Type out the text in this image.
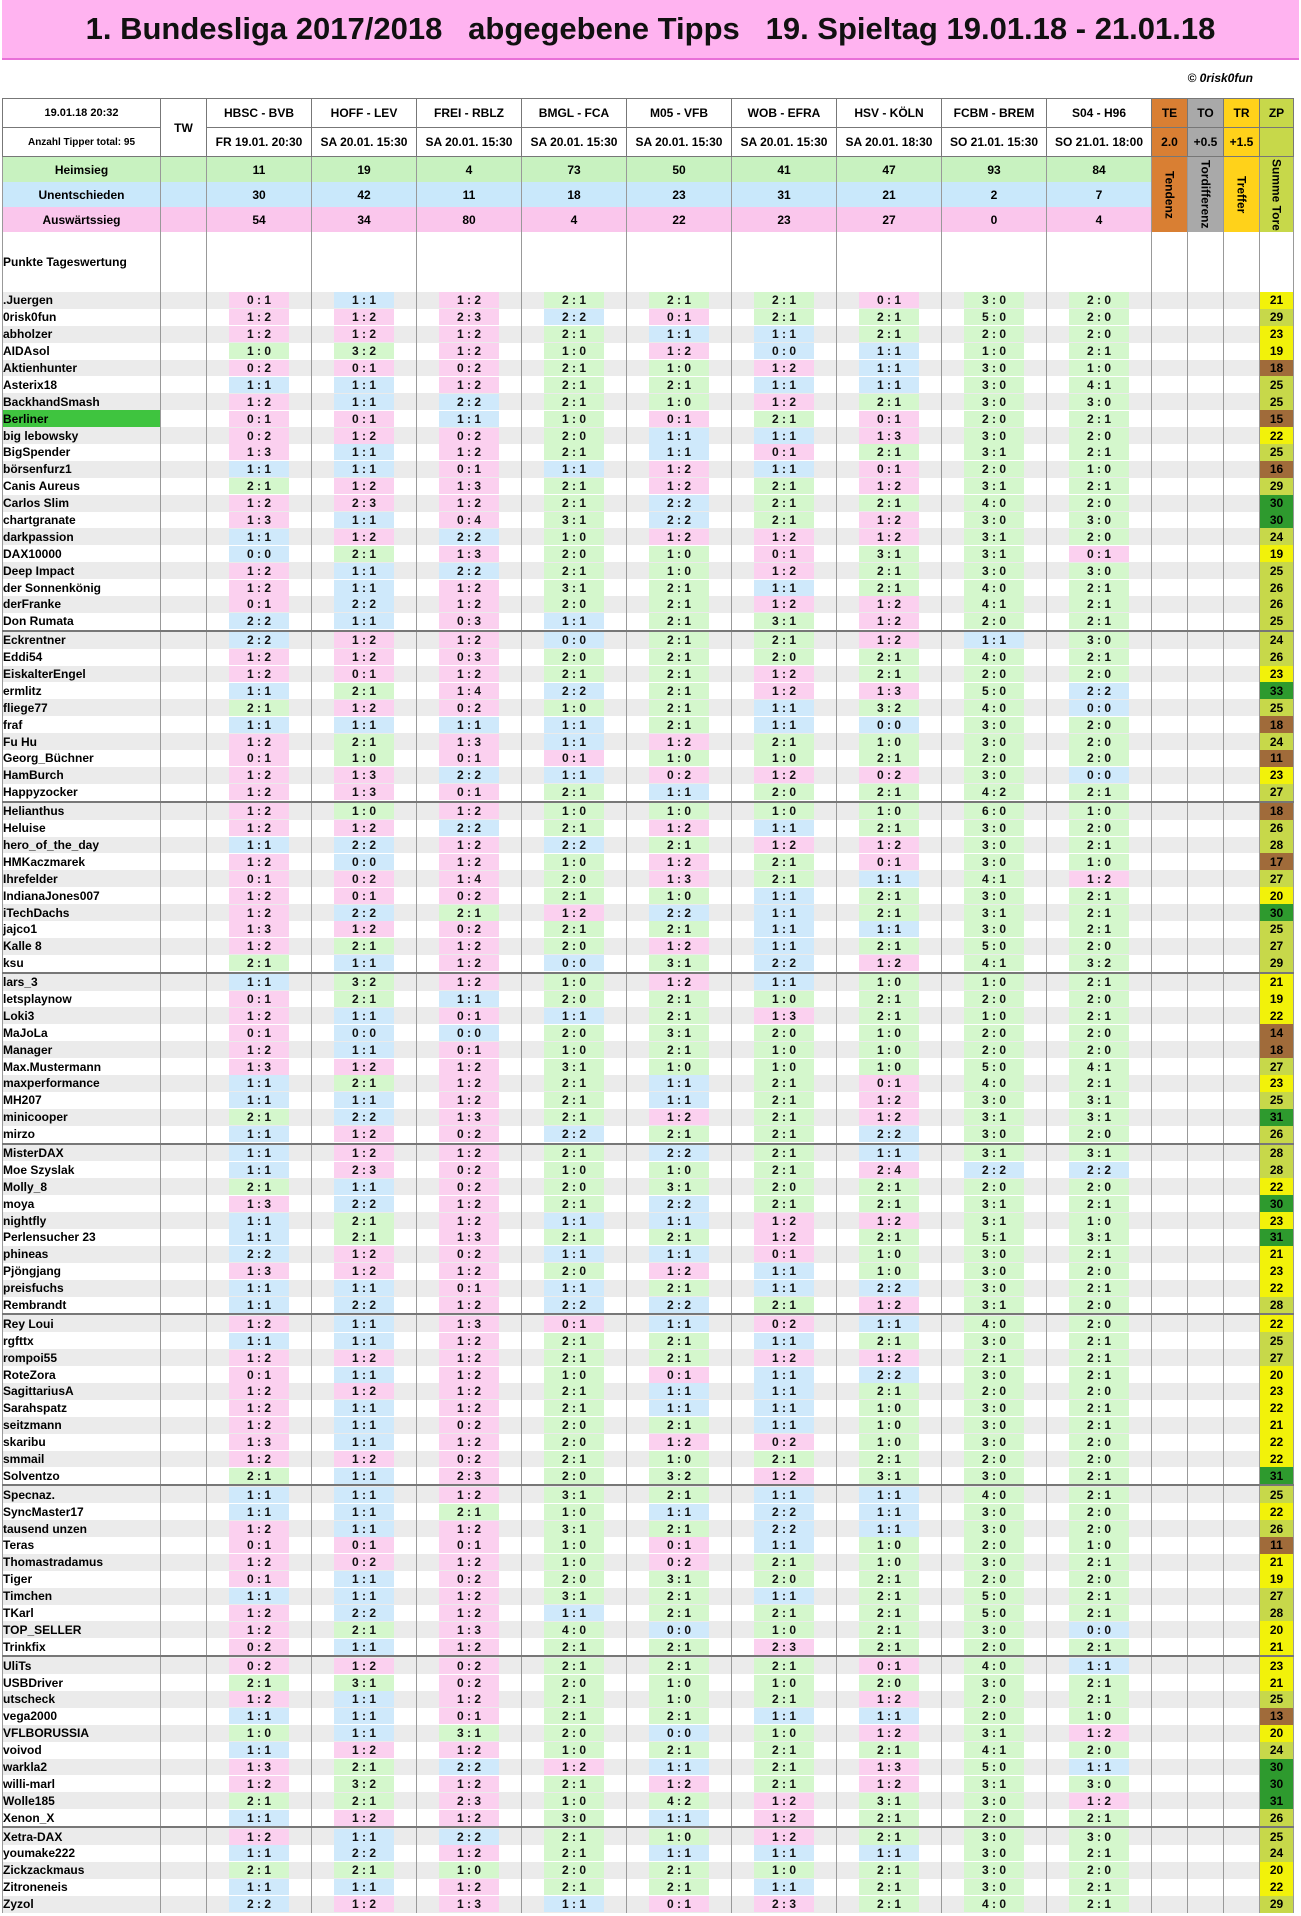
1. Bundesliga 2017/2018   abgegebene Tipps   19. Spieltag 19.01.18 - 21.01.18
© 0risk0fun
19.01.18 20:32	TW	HBSC - BVB	HOFF - LEV	FREI - RBLZ	BMGL - FCA	M05 - VFB	WOB - EFRA	HSV - KÖLN	FCBM - BREM	S04 - H96	TE	TO	TR	ZP
Anzahl Tipper total: 95		FR 19.01. 20:30	SA 20.01. 15:30	SA 20.01. 15:30	SA 20.01. 15:30	SA 20.01. 15:30	SA 20.01. 15:30	SA 20.01. 18:30	SO 21.01. 15:30	SO 21.01. 18:00	2.0	+0.5	+1.5	
Heimsieg		11	19	4	73	50	41	47	93	84	Tendenz	Tordifferenz	Treffer	Summe Tore

Unentschieden		30	42	11	18	23	31	21	2	7				
Auswärtssieg		54	34	80	4	22	23	27	0	4				
Punkte Tageswertung														
.Juergen		0 : 1	1 : 1	1 : 2	2 : 1	2 : 1	2 : 1	0 : 1	3 : 0	2 : 0				21
0risk0fun		1 : 2	1 : 2	2 : 3	2 : 2	0 : 1	2 : 1	2 : 1	5 : 0	2 : 0				29
abholzer		1 : 2	1 : 2	1 : 2	2 : 1	1 : 1	1 : 1	2 : 1	2 : 0	2 : 0				23
AIDAsol		1 : 0	3 : 2	1 : 2	1 : 0	1 : 2	0 : 0	1 : 1	1 : 0	2 : 1				19
Aktienhunter		0 : 2	0 : 1	0 : 2	2 : 1	1 : 0	1 : 2	1 : 1	3 : 0	1 : 0				18
Asterix18		1 : 1	1 : 1	1 : 2	2 : 1	2 : 1	1 : 1	1 : 1	3 : 0	4 : 1				25
BackhandSmash		1 : 2	1 : 1	2 : 2	2 : 1	1 : 0	1 : 2	2 : 1	3 : 0	3 : 0				25
Berliner		0 : 1	0 : 1	1 : 1	1 : 0	0 : 1	2 : 1	0 : 1	2 : 0	2 : 1				15
big lebowsky		0 : 2	1 : 2	0 : 2	2 : 0	1 : 1	1 : 1	1 : 3	3 : 0	2 : 0				22
BigSpender		1 : 3	1 : 1	1 : 2	2 : 1	1 : 1	0 : 1	2 : 1	3 : 1	2 : 1				25
börsenfurz1		1 : 1	1 : 1	0 : 1	1 : 1	1 : 2	1 : 1	0 : 1	2 : 0	1 : 0				16
Canis Aureus		2 : 1	1 : 2	1 : 3	2 : 1	1 : 2	2 : 1	1 : 2	3 : 1	2 : 1				29
Carlos Slim		1 : 2	2 : 3	1 : 2	2 : 1	2 : 2	2 : 1	2 : 1	4 : 0	2 : 0				30
chartgranate		1 : 3	1 : 1	0 : 4	3 : 1	2 : 2	2 : 1	1 : 2	3 : 0	3 : 0				30
darkpassion		1 : 1	1 : 2	2 : 2	1 : 0	1 : 2	1 : 2	1 : 2	3 : 1	2 : 0				24
DAX10000		0 : 0	2 : 1	1 : 3	2 : 0	1 : 0	0 : 1	3 : 1	3 : 1	0 : 1				19
Deep Impact		1 : 2	1 : 1	2 : 2	2 : 1	1 : 0	1 : 2	2 : 1	3 : 0	3 : 0				25
der Sonnenkönig		1 : 2	1 : 1	1 : 2	3 : 1	2 : 1	1 : 1	2 : 1	4 : 0	2 : 1				26
derFranke		0 : 1	2 : 2	1 : 2	2 : 0	2 : 1	1 : 2	1 : 2	4 : 1	2 : 1				26
Don Rumata		2 : 2	1 : 1	0 : 3	1 : 1	2 : 1	3 : 1	1 : 2	2 : 0	2 : 1				25
Eckrentner		2 : 2	1 : 2	1 : 2	0 : 0	2 : 1	2 : 1	1 : 2	1 : 1	3 : 0				24
Eddi54		1 : 2	1 : 2	0 : 3	2 : 0	2 : 1	2 : 0	2 : 1	4 : 0	2 : 1				26
EiskalterEngel		1 : 2	0 : 1	1 : 2	2 : 1	2 : 1	1 : 2	2 : 1	2 : 0	2 : 0				23
ermlitz		1 : 1	2 : 1	1 : 4	2 : 2	2 : 1	1 : 2	1 : 3	5 : 0	2 : 2				33
fliege77		2 : 1	1 : 2	0 : 2	1 : 0	2 : 1	1 : 1	3 : 2	4 : 0	0 : 0				25
fraf		1 : 1	1 : 1	1 : 1	1 : 1	2 : 1	1 : 1	0 : 0	3 : 0	2 : 0				18
Fu Hu		1 : 2	2 : 1	1 : 3	1 : 1	1 : 2	2 : 1	1 : 0	3 : 0	2 : 0				24
Georg_Büchner		0 : 1	1 : 0	0 : 1	0 : 1	1 : 0	1 : 0	2 : 1	2 : 0	2 : 0				11
HamBurch		1 : 2	1 : 3	2 : 2	1 : 1	0 : 2	1 : 2	0 : 2	3 : 0	0 : 0				23
Happyzocker		1 : 2	1 : 3	0 : 1	2 : 1	1 : 1	2 : 0	2 : 1	4 : 2	2 : 1				27
Helianthus		1 : 2	1 : 0	1 : 2	1 : 0	1 : 0	1 : 0	1 : 0	6 : 0	1 : 0				18
Heluise		1 : 2	1 : 2	2 : 2	2 : 1	1 : 2	1 : 1	2 : 1	3 : 0	2 : 0				26
hero_of_the_day		1 : 1	2 : 2	1 : 2	2 : 2	2 : 1	1 : 2	1 : 2	3 : 0	2 : 1				28
HMKaczmarek		1 : 2	0 : 0	1 : 2	1 : 0	1 : 2	2 : 1	0 : 1	3 : 0	1 : 0				17
Ihrefelder		0 : 1	0 : 2	1 : 4	2 : 0	1 : 3	2 : 1	1 : 1	4 : 1	1 : 2				27
IndianaJones007		1 : 2	0 : 1	0 : 2	2 : 1	1 : 0	1 : 1	2 : 1	3 : 0	2 : 1				20
iTechDachs		1 : 2	2 : 2	2 : 1	1 : 2	2 : 2	1 : 1	2 : 1	3 : 1	2 : 1				30
jajco1		1 : 3	1 : 2	0 : 2	2 : 1	2 : 1	1 : 1	1 : 1	3 : 0	2 : 1				25
Kalle 8		1 : 2	2 : 1	1 : 2	2 : 0	1 : 2	1 : 1	2 : 1	5 : 0	2 : 0				27
ksu		2 : 1	1 : 1	1 : 2	0 : 0	3 : 1	2 : 2	1 : 2	4 : 1	3 : 2				29
lars_3		1 : 1	3 : 2	1 : 2	1 : 0	1 : 2	1 : 1	1 : 0	1 : 0	2 : 1				21
letsplaynow		0 : 1	2 : 1	1 : 1	2 : 0	2 : 1	1 : 0	2 : 1	2 : 0	2 : 0				19
Loki3		1 : 2	1 : 1	0 : 1	1 : 1	2 : 1	1 : 3	2 : 1	1 : 0	2 : 1				22
MaJoLa		0 : 1	0 : 0	0 : 0	2 : 0	3 : 1	2 : 0	1 : 0	2 : 0	2 : 0				14
Manager		1 : 2	1 : 1	0 : 1	1 : 0	2 : 1	1 : 0	1 : 0	2 : 0	2 : 0				18
Max.Mustermann		1 : 3	1 : 2	1 : 2	3 : 1	1 : 0	1 : 0	1 : 0	5 : 0	4 : 1				27
maxperformance		1 : 1	2 : 1	1 : 2	2 : 1	1 : 1	2 : 1	0 : 1	4 : 0	2 : 1				23
MH207		1 : 1	1 : 1	1 : 2	2 : 1	1 : 1	2 : 1	1 : 2	3 : 0	3 : 1				25
minicooper		2 : 1	2 : 2	1 : 3	2 : 1	1 : 2	2 : 1	1 : 2	3 : 1	3 : 1				31
mirzo		1 : 1	1 : 2	0 : 2	2 : 2	2 : 1	2 : 1	2 : 2	3 : 0	2 : 0				26
MisterDAX		1 : 1	1 : 2	1 : 2	2 : 1	2 : 2	2 : 1	1 : 1	3 : 1	3 : 1				28
Moe Szyslak		1 : 1	2 : 3	0 : 2	1 : 0	1 : 0	2 : 1	2 : 4	2 : 2	2 : 2				28
Molly_8		2 : 1	1 : 1	0 : 2	2 : 0	3 : 1	2 : 0	2 : 1	2 : 0	2 : 0				22
moya		1 : 3	2 : 2	1 : 2	2 : 1	2 : 2	2 : 1	2 : 1	3 : 1	2 : 1				30
nightfly		1 : 1	2 : 1	1 : 2	1 : 1	1 : 1	1 : 2	1 : 2	3 : 1	1 : 0				23
Perlensucher 23		1 : 1	2 : 1	1 : 3	2 : 1	2 : 1	1 : 2	2 : 1	5 : 1	3 : 1				31
phineas		2 : 2	1 : 2	0 : 2	1 : 1	1 : 1	0 : 1	1 : 0	3 : 0	2 : 1				21
Pjöngjang		1 : 3	1 : 2	1 : 2	2 : 0	1 : 2	1 : 1	1 : 0	3 : 0	2 : 0				23
preisfuchs		1 : 1	1 : 1	0 : 1	1 : 1	2 : 1	1 : 1	2 : 2	3 : 0	2 : 1				22
Rembrandt		1 : 1	2 : 2	1 : 2	2 : 2	2 : 2	2 : 1	1 : 2	3 : 1	2 : 0				28
Rey Loui		1 : 2	1 : 1	1 : 3	0 : 1	1 : 1	0 : 2	1 : 1	4 : 0	2 : 0				22
rgfttx		1 : 1	1 : 1	1 : 2	2 : 1	2 : 1	1 : 1	2 : 1	3 : 0	2 : 1				25
rompoi55		1 : 2	1 : 2	1 : 2	2 : 1	2 : 1	1 : 2	1 : 2	2 : 1	2 : 1				27
RoteZora		0 : 1	1 : 1	1 : 2	1 : 0	0 : 1	1 : 1	2 : 2	3 : 0	2 : 1				20
SagittariusA		1 : 2	1 : 2	1 : 2	2 : 1	1 : 1	1 : 1	2 : 1	2 : 0	2 : 0				23
Sarahspatz		1 : 2	1 : 1	1 : 2	2 : 1	1 : 1	1 : 1	1 : 0	3 : 0	2 : 1				22
seitzmann		1 : 2	1 : 1	0 : 2	2 : 0	2 : 1	1 : 1	1 : 0	3 : 0	2 : 1				21
skaribu		1 : 3	1 : 1	1 : 2	2 : 0	1 : 2	0 : 2	1 : 0	3 : 0	2 : 0				22
smmail		1 : 2	1 : 2	0 : 2	2 : 1	1 : 0	2 : 1	2 : 1	2 : 0	2 : 0				22
Solventzo		2 : 1	1 : 1	2 : 3	2 : 0	3 : 2	1 : 2	3 : 1	3 : 0	2 : 1				31
Specnaz.		1 : 1	1 : 1	1 : 2	3 : 1	2 : 1	1 : 1	1 : 1	4 : 0	2 : 1				25
SyncMaster17		1 : 1	1 : 1	2 : 1	1 : 0	1 : 1	2 : 2	1 : 1	3 : 0	2 : 0				22
tausend unzen		1 : 2	1 : 1	1 : 2	3 : 1	2 : 1	2 : 2	1 : 1	3 : 0	2 : 0				26
Teras		0 : 1	0 : 1	0 : 1	1 : 0	0 : 1	1 : 1	1 : 0	2 : 0	1 : 0				11
Thomastradamus		1 : 2	0 : 2	1 : 2	1 : 0	0 : 2	2 : 1	1 : 0	3 : 0	2 : 1				21
Tiger		0 : 1	1 : 1	0 : 2	2 : 0	3 : 1	2 : 0	2 : 1	2 : 0	2 : 0				19
Timchen		1 : 1	1 : 1	1 : 2	3 : 1	2 : 1	1 : 1	2 : 1	5 : 0	2 : 1				27
TKarl		1 : 2	2 : 2	1 : 2	1 : 1	2 : 1	2 : 1	2 : 1	5 : 0	2 : 1				28
TOP_SELLER		1 : 2	2 : 1	1 : 3	4 : 0	0 : 0	1 : 0	2 : 1	3 : 0	0 : 0				20
Trinkfix		0 : 2	1 : 1	1 : 2	2 : 1	2 : 1	2 : 3	2 : 1	2 : 0	2 : 1				21
UliTs		0 : 2	1 : 2	0 : 2	2 : 1	2 : 1	2 : 1	0 : 1	4 : 0	1 : 1				23
USBDriver		2 : 1	3 : 1	0 : 2	2 : 0	1 : 0	1 : 0	2 : 0	3 : 0	2 : 1				21
utscheck		1 : 2	1 : 1	1 : 2	2 : 1	1 : 0	2 : 1	1 : 2	2 : 0	2 : 1				25
vega2000		1 : 1	1 : 1	0 : 1	2 : 1	2 : 1	1 : 1	1 : 1	2 : 0	1 : 0				13
VFLBORUSSIA		1 : 0	1 : 1	3 : 1	2 : 0	0 : 0	1 : 0	1 : 2	3 : 1	1 : 2				20
voivod		1 : 1	1 : 2	1 : 2	1 : 0	2 : 1	2 : 1	2 : 1	4 : 1	2 : 0				24
warkla2		1 : 3	2 : 1	2 : 2	1 : 2	1 : 1	2 : 1	1 : 3	5 : 0	1 : 1				30
willi-marl		1 : 2	3 : 2	1 : 2	2 : 1	1 : 2	2 : 1	1 : 2	3 : 1	3 : 0				30
Wolle185		2 : 1	2 : 1	2 : 3	1 : 0	4 : 2	1 : 2	3 : 1	3 : 0	1 : 2				31
Xenon_X		1 : 1	1 : 2	1 : 2	3 : 0	1 : 1	1 : 2	2 : 1	2 : 0	2 : 1				26
Xetra-DAX		1 : 2	1 : 1	2 : 2	2 : 1	1 : 0	1 : 2	2 : 1	3 : 0	3 : 0				25
youmake222		1 : 1	2 : 2	1 : 2	2 : 1	1 : 1	1 : 1	1 : 1	3 : 0	2 : 1				24
Zickzackmaus		2 : 1	2 : 1	1 : 0	2 : 0	2 : 1	1 : 0	2 : 1	3 : 0	2 : 0				20
Zitroneneis		1 : 1	1 : 1	1 : 2	2 : 1	2 : 1	1 : 1	2 : 1	3 : 0	2 : 1				22
Zyzol		2 : 2	1 : 2	1 : 3	1 : 1	0 : 1	2 : 3	2 : 1	4 : 0	2 : 1				29
